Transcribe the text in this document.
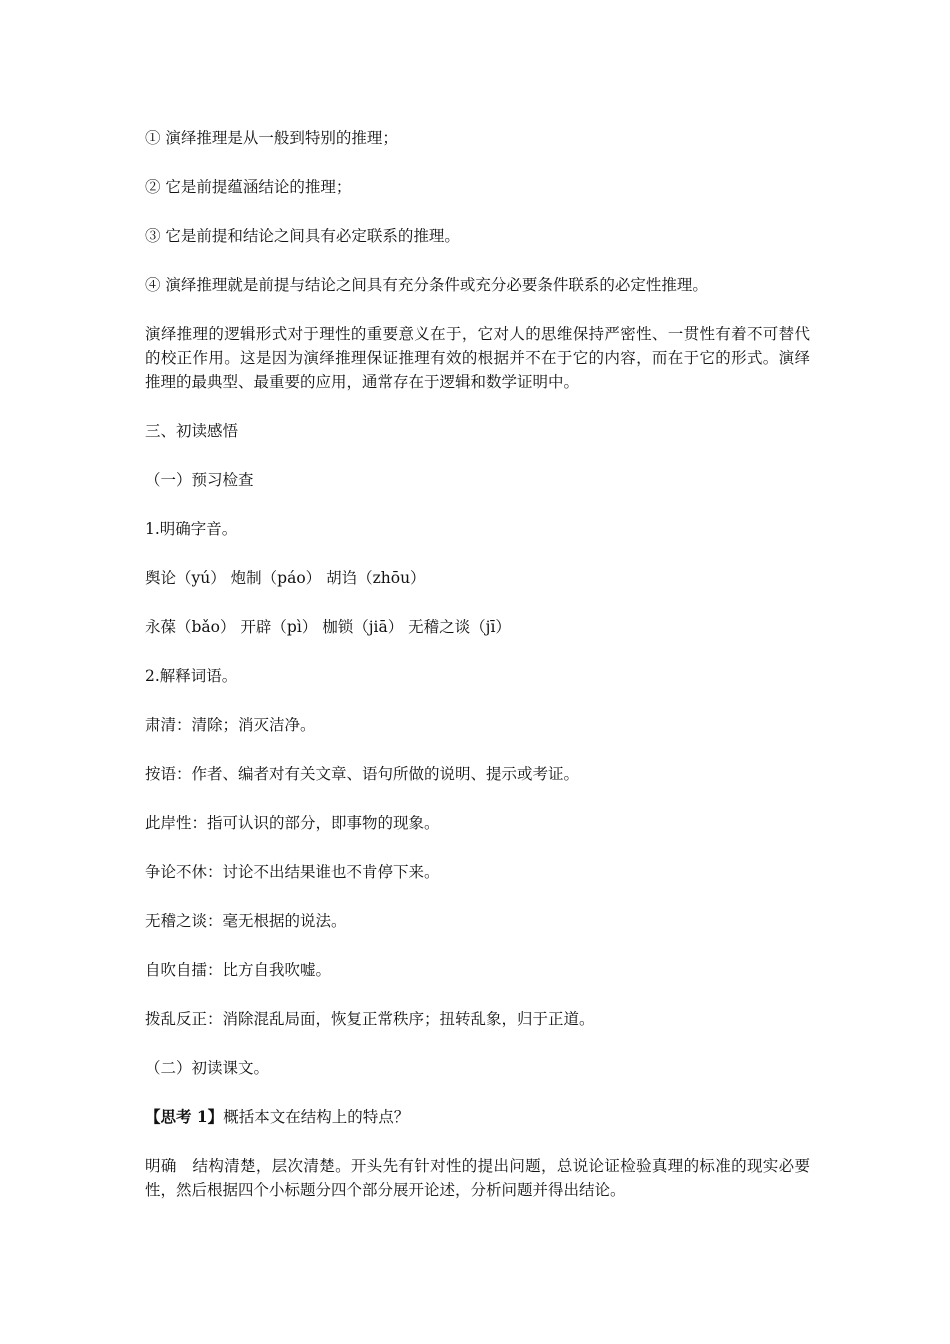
① 演绎推理是从一般到特别的推理；

② 它是前提蕴涵结论的推理；

③ 它是前提和结论之间具有必定联系的推理。

④ 演绎推理就是前提与结论之间具有充分条件或充分必要条件联系的必定性推理。

演绎推理的逻辑形式对于理性的重要意义在于，它对人的思维保持严密性、一贯性有着不可替代的校正作用。这是因为演绎推理保证推理有效的根据并不在于它的内容，而在于它的形式。演绎推理的最典型、最重要的应用，通常存在于逻辑和数学证明中。

三、初读感悟

（一）预习检查

1.明确字音。

舆论（yú） 炮制（páo） 胡诌（zhōu）

永葆（bǎo） 开辟（pì） 枷锁（jiā） 无稽之谈（jī）

2.解释词语。

肃清：清除；消灭洁净。

按语：作者、编者对有关文章、语句所做的说明、提示或考证。

此岸性：指可认识的部分，即事物的现象。

争论不休：讨论不出结果谁也不肯停下来。

无稽之谈：毫无根据的说法。

自吹自擂：比方自我吹嘘。

拨乱反正：消除混乱局面，恢复正常秩序；扭转乱象，归于正道。

（二）初读课文。

【思考 1】概括本文在结构上的特点？

明确   结构清楚，层次清楚。开头先有针对性的提出问题，总说论证检验真理的标准的现实必要性，然后根据四个小标题分四个部分展开论述，分析问题并得出结论。
